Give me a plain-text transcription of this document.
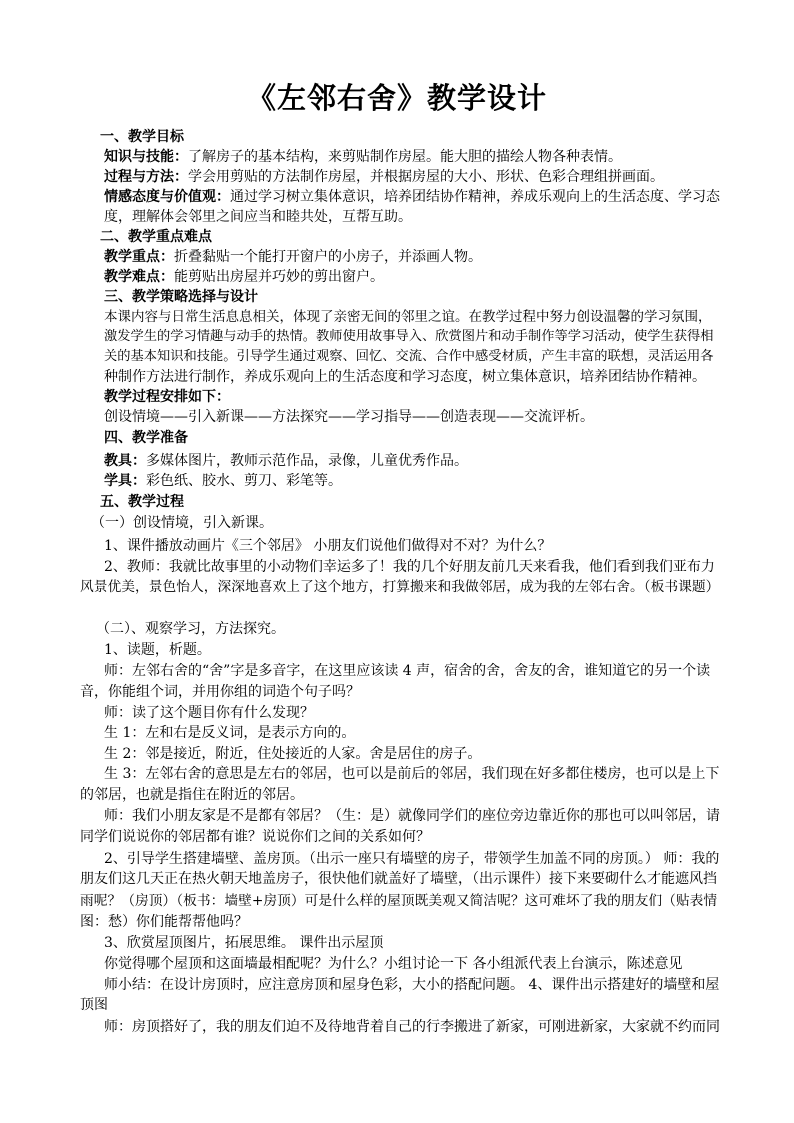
《左邻右舍》教学设计
一、教学目标
知识与技能：了解房子的基本结构，来剪贴制作房屋。能大胆的描绘人物各种表情。
过程与方法：学会用剪贴的方法制作房屋，并根据房屋的大小、形状、色彩合理组拼画面。
情感态度与价值观：通过学习树立集体意识，培养团结协作精神，养成乐观向上的生活态度、学习态
度，理解体会邻里之间应当和睦共处，互帮互助。
二、教学重点难点
教学重点：折叠黏贴一个能打开窗户的小房子，并添画人物。
教学难点：能剪贴出房屋并巧妙的剪出窗户。
三、教学策略选择与设计
本课内容与日常生活息息相关，体现了亲密无间的邻里之谊。在教学过程中努力创设温馨的学习氛围，
激发学生的学习情趣与动手的热情。教师使用故事导入、欣赏图片和动手制作等学习活动，使学生获得相
关的基本知识和技能。引导学生通过观察、回忆、交流、合作中感受材质，产生丰富的联想，灵活运用各
种制作方法进行制作，养成乐观向上的生活态度和学习态度，树立集体意识，培养团结协作精神。
教学过程安排如下：
创设情境——引入新课——方法探究——学习指导——创造表现——交流评析。
四、教学准备
教具：多媒体图片，教师示范作品，录像，儿童优秀作品。
学具：彩色纸、胶水、剪刀、彩笔等。
五、教学过程
（一）创设情境，引入新课。
1、课件播放动画片《三个邻居》 小朋友们说他们做得对不对？为什么？
2、教师：我就比故事里的小动物们幸运多了！我的几个好朋友前几天来看我，他们看到我们亚布力
风景优美，景色怡人，深深地喜欢上了这个地方，打算搬来和我做邻居，成为我的左邻右舍。（板书课题）
（二）、观察学习，方法探究。
1、读题，析题。
师：左邻右舍的“舍”字是多音字，在这里应该读 4 声，宿舍的舍，舍友的舍，谁知道它的另一个读
音，你能组个词，并用你组的词造个句子吗？
师：读了这个题目你有什么发现？
生 1：左和右是反义词，是表示方向的。
生 2：邻是接近，附近，住处接近的人家。舍是居住的房子。
生 3：左邻右舍的意思是左右的邻居，也可以是前后的邻居，我们现在好多都住楼房，也可以是上下
的邻居，也就是指住在附近的邻居。
师：我们小朋友家是不是都有邻居？（生：是）就像同学们的座位旁边靠近你的那也可以叫邻居，请
同学们说说你的邻居都有谁？说说你们之间的关系如何？
2、引导学生搭建墙壁、盖房顶。（出示一座只有墙壁的房子，带领学生加盖不同的房顶。） 师：我的
朋友们这几天正在热火朝天地盖房子，很快他们就盖好了墙壁，（出示课件）接下来要砌什么才能遮风挡
雨呢？（房顶）（板书：墙壁+房顶）可是什么样的屋顶既美观又简洁呢？这可难坏了我的朋友们（贴表情
图：愁）你们能帮帮他吗？
3、欣赏屋顶图片，拓展思维。 课件出示屋顶
你觉得哪个屋顶和这面墙最相配呢？为什么？小组讨论一下 各小组派代表上台演示，陈述意见
师小结：在设计房顶时，应注意房顶和屋身色彩，大小的搭配问题。 4、课件出示搭建好的墙壁和屋
顶图
师：房顶搭好了，我的朋友们迫不及待地背着自己的行李搬进了新家，可刚进新家，大家就不约而同
